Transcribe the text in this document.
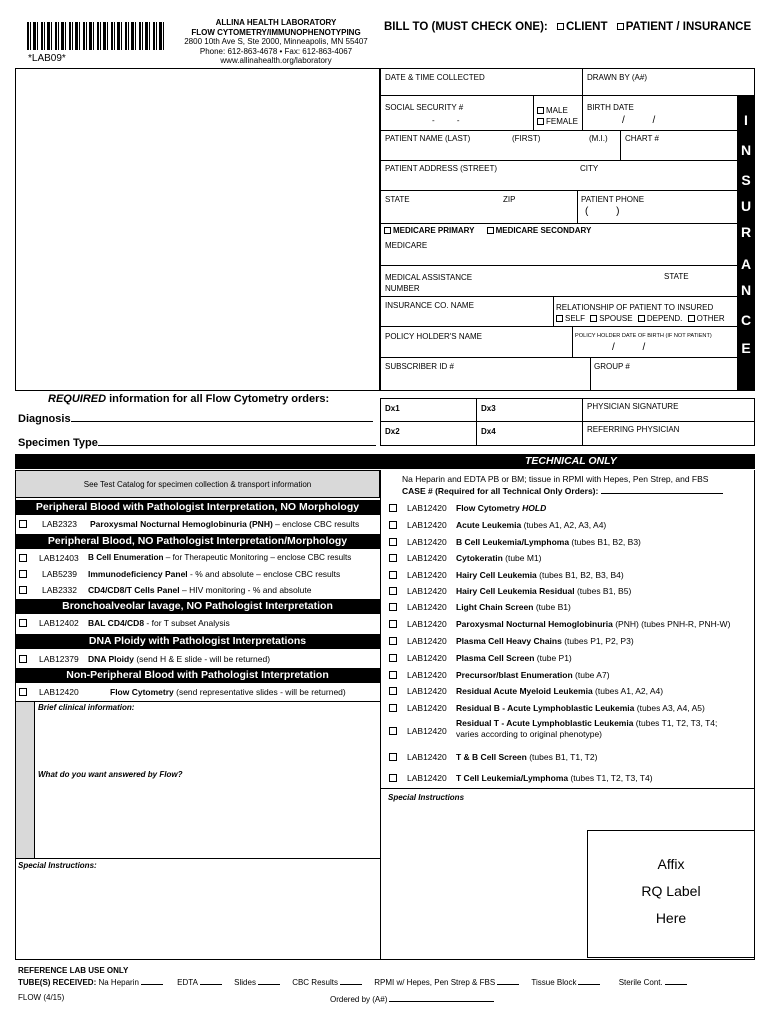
*LAB09*
ALLINA HEALTH LABORATORY
FLOW CYTOMETRY/IMMUNOPHENOTYPING
2800 10th Ave S, Ste 2000, Minneapolis, MN 55407
Phone: 612-863-4678 • Fax: 612-863-4067
www.allinahealth.org/laboratory
BILL TO (MUST CHECK ONE): CLIENT PATIENT / INSURANCE
I
N
S
U
R
A
N
C
E
DATE & TIME COLLECTED	DRAWN BY (A#)
SOCIAL SECURITY #
-          -
MALE
FEMALE
BIRTH DATE
/          /
PATIENT NAME (LAST)	(FIRST)	(M.I.) CHART #
PATIENT ADDRESS (STREET)	CITY
STATE	ZIP	PATIENT PHONE
(          )
MEDICARE PRIMARY	MEDICARE SECONDARY
MEDICARE
MEDICAL ASSISTANCE
NUMBER
STATE
INSURANCE CO. NAME	RELATIONSHIP OF PATIENT TO INSURED
SELF SPOUSE DEPEND. OTHER
POLICY HOLDER'S NAME	POLICY HOLDER DATE OF BIRTH (IF NOT PATIENT)
/          /
SUBSCRIBER ID #	GROUP #
REQUIRED information for all Flow Cytometry orders:
Diagnosis
Specimen Type
Dx1	Dx3	PHYSICIAN SIGNATURE
Dx2	Dx4	REFERRING PHYSICIAN
TECHNICAL ONLY
See Test Catalog for specimen collection & transport information
Na Heparin and EDTA PB or BM; tissue in RPMI with Hepes, Pen Strep, and FBS
CASE # (Required for all Technical Only Orders):
Peripheral Blood with Pathologist Interpretation, NO Morphology
LAB2323 Paroxysmal Nocturnal Hemoglobinuria (PNH) – enclose CBC results
Peripheral Blood, NO Pathologist Interpretation/Morphology
LAB12403 B Cell Enumeration – for Therapeutic Monitoring – enclose CBC results
LAB5239 Immunodeficiency Panel - % and absolute – enclose CBC results
LAB2332 CD4/CD8/T Cells Panel – HIV monitoring - % and absolute
Bronchoalveolar lavage, NO Pathologist Interpretation
LAB12402 BAL CD4/CD8 - for T subset Analysis
DNA Ploidy with Pathologist Interpretations
LAB12379 DNA Ploidy (send H & E slide - will be returned)
Non-Peripheral Blood with Pathologist Interpretation
LAB12420	Flow Cytometry (send representative slides - will be returned)
Brief clinical information:
What do you want answered by Flow?
Special Instructions:
LAB12420 Flow Cytometry HOLD
LAB12420 Acute Leukemia (tubes A1, A2, A3, A4)
LAB12420 B Cell Leukemia/Lymphoma (tubes B1, B2, B3)
LAB12420 Cytokeratin (tube M1)
LAB12420 Hairy Cell Leukemia (tubes B1, B2, B3, B4)
LAB12420 Hairy Cell Leukemia Residual (tubes B1, B5)
LAB12420 Light Chain Screen (tube B1)
LAB12420 Paroxysmal Nocturnal Hemoglobinuria (PNH) (tubes PNH-R, PNH-W)
LAB12420 Plasma Cell Heavy Chains (tubes P1, P2, P3)
LAB12420 Plasma Cell Screen (tube P1)
LAB12420 Precursor/blast Enumeration (tube A7)
LAB12420 Residual Acute Myeloid Leukemia (tubes A1, A2, A4)
LAB12420 Residual B - Acute Lymphoblastic Leukemia (tubes A3, A4, A5)
LAB12420
Residual T - Acute Lymphoblastic Leukemia (tubes T1, T2, T3, T4;
varies according to original phenotype)
LAB12420 T & B Cell Screen (tubes B1, T1, T2)
LAB12420 T Cell Leukemia/Lymphoma (tubes T1, T2, T3, T4)
Special Instructions
Affix
RQ Label
Here
REFERENCE LAB USE ONLY
TUBE(S) RECEIVED: Na Heparin	EDTA	Slides	CBC Results	RPMI w/ Hepes, Pen Strep & FBS	Tissue Block	Sterile Cont.
FLOW (4/15)	Ordered by (A#)
